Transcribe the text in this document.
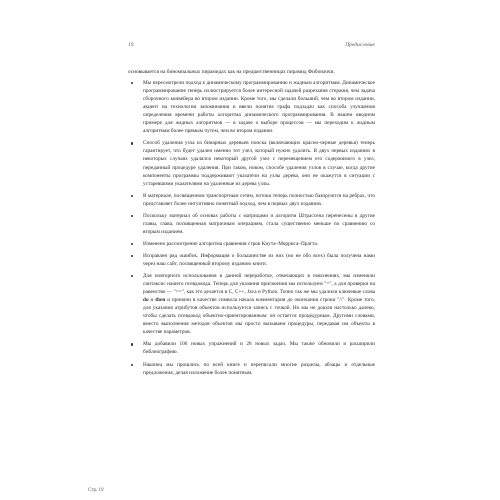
19	Предисловие

основывается на биномиальных пирамидах как на предшественницах пирамид Фибоначчи.

Мы пересмотрели подход к динамическому программированию и жадным алгоритмам. Динамическое программирование теперь иллюстрируется более интересной задачей разрезания стержня, чем задача сборочного конвейера во втором издании. Кроме того, мы сделали больший, чем во втором издании, акцент на технологии запоминания и ввели понятие графа подзадач как способа улучшения определения времени работы алгоритма динамического программирования. В нашем вводном примере для жадных алгоритмов — в задаче о выборе процессов — мы переходим к жадным алгоритмам более прямым путем, чем во втором издании.
Способ удаления узла из бинарных деревьев поиска (включающих красно-черные деревья) теперь гарантирует, что будет удален именно тот узел, который нужно удалить. В двух первых изданиях в некоторых случаях удалялся некоторый другой узел с перемещением его содержимого в узел, переданный процедуре удаления. При таком, новом, способе удаления узлов в случае, когда другие компоненты программы поддерживают указатели на узлы дерева, они не окажутся в ситуации с устаревшими указателями на удаленные из дерева узлы.
В материале, посвященном транспортным сетям, потоки теперь полностью базируются на ребрах, что представляет более интуитивно понятный подход, чем в первых двух изданиях.
Поскольку материал об основах работы с матрицами и алгоритм Штрассена перенесены в другие главы, глава, посвященная матричным операциям, стала существенно меньше по сравнению со вторым изданием.
Изменено рассмотрение алгоритма сравнения строк Кнута–Морриса–Пратта.
Исправлен ряд ошибок. Информация о большинстве из них (но не обо всех) была получена нами через наш сайт, посвященный второму изданию книги.
Для повторного использования в данной переработке, отвечающих в пояснениях, мы изменили синтаксис нашего псевдокода. Теперь для указания присвоения мы используем "=", а для проверки на равенство — "==", как это делается в C, C++, Java и Python. Точно так же мы удалили ключевые слова do и then и приняли в качестве символа начала комментария до окончания строки "//". Кроме того, для указания атрибутов объектов используется запись с точкой. Но мы не дошли настолько далеко, чтобы сделать псевдокод объектно-ориентированным: он остается процедурным. Другими словами, вместо выполнения методов объектов мы просто вызываем процедуры, передавая им объекты в качестве параметров.
Мы добавили 100 новых упражнений и 28 новых задач. Мы также обновили и расширили библиографию.
Наконец мы прошлись по всей книге и переписали многие разделы, абзацы и отдельные предложения, делая изложение более понятным.
Стр. 19
